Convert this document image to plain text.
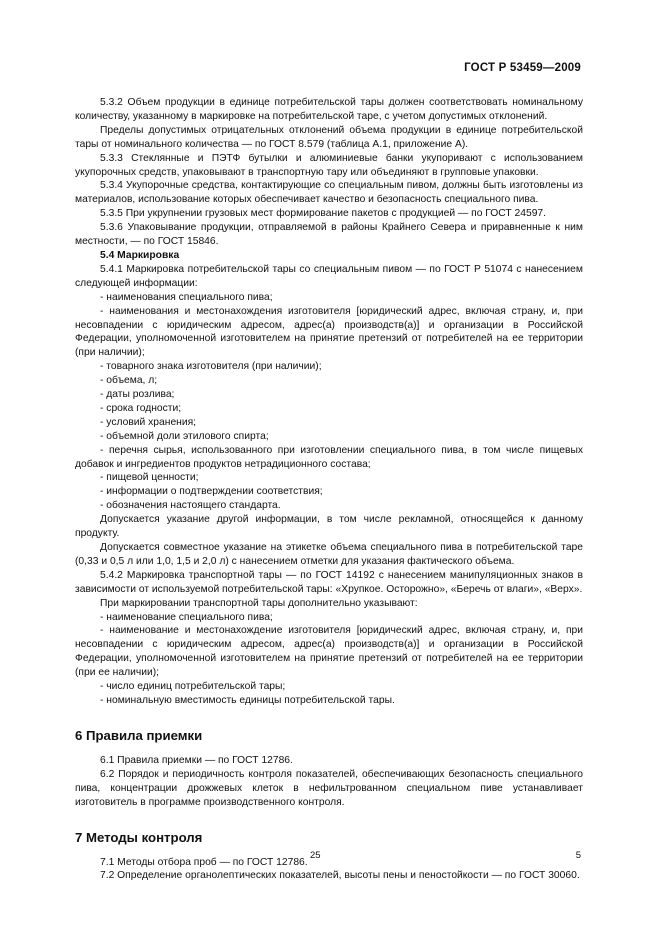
ГОСТ Р 53459—2009
5.3.2 Объем продукции в единице потребительской тары должен соответствовать номинальному количеству, указанному в маркировке на потребительской таре, с учетом допустимых отклонений.
Пределы допустимых отрицательных отклонений объема продукции в единице потребительской тары от номинального количества — по ГОСТ 8.579 (таблица А.1, приложение А).
5.3.3 Стеклянные и ПЭТФ бутылки и алюминиевые банки укупоривают с использованием укупорочных средств, упаковывают в транспортную тару или объединяют в групповые упаковки.
5.3.4 Укупорочные средства, контактирующие со специальным пивом, должны быть изготовлены из материалов, использование которых обеспечивает качество и безопасность специального пива.
5.3.5 При укрупнении грузовых мест формирование пакетов с продукцией — по ГОСТ 24597.
5.3.6 Упаковывание продукции, отправляемой в районы Крайнего Севера и приравненные к ним местности, — по ГОСТ 15846.
5.4 Маркировка
5.4.1 Маркировка потребительской тары со специальным пивом — по ГОСТ Р 51074 с нанесением следующей информации:
- наименования специального пива;
- наименования и местонахождения изготовителя [юридический адрес, включая страну, и, при несовпадении с юридическим адресом, адрес(а) производств(а)] и организации в Российской Федерации, уполномоченной изготовителем на принятие претензий от потребителей на ее территории (при наличии);
- товарного знака изготовителя (при наличии);
- объема, л;
- даты розлива;
- срока годности;
- условий хранения;
- объемной доли этилового спирта;
- перечня сырья, использованного при изготовлении специального пива, в том числе пищевых добавок и ингредиентов продуктов нетрадиционного состава;
- пищевой ценности;
- информации о подтверждении соответствия;
- обозначения настоящего стандарта.
Допускается указание другой информации, в том числе рекламной, относящейся к данному продукту.
Допускается совместное указание на этикетке объема специального пива в потребительской таре (0,33 и 0,5 л или 1,0, 1,5 и 2,0 л) с нанесением отметки для указания фактического объема.
5.4.2 Маркировка транспортной тары — по ГОСТ 14192 с нанесением манипуляционных знаков в зависимости от используемой потребительской тары: «Хрупкое. Осторожно», «Беречь от влаги», «Верх».
При маркировании транспортной тары дополнительно указывают:
- наименование специального пива;
- наименование и местонахождение изготовителя [юридический адрес, включая страну, и, при несовпадении с юридическим адресом, адрес(а) производств(а)] и организации в Российской Федерации, уполномоченной изготовителем на принятие претензий от потребителей на ее территории (при ее наличии);
- число единиц потребительской тары;
- номинальную вместимость единицы потребительской тары.
6 Правила приемки
6.1 Правила приемки — по ГОСТ 12786.
6.2 Порядок и периодичность контроля показателей, обеспечивающих безопасность специального пива, концентрации дрожжевых клеток в нефильтрованном специальном пиве устанавливает изготовитель в программе производственного контроля.
7 Методы контроля
7.1 Методы отбора проб — по ГОСТ 12786.
7.2 Определение органолептических показателей, высоты пены и пеностойкости — по ГОСТ 30060.
25	5
